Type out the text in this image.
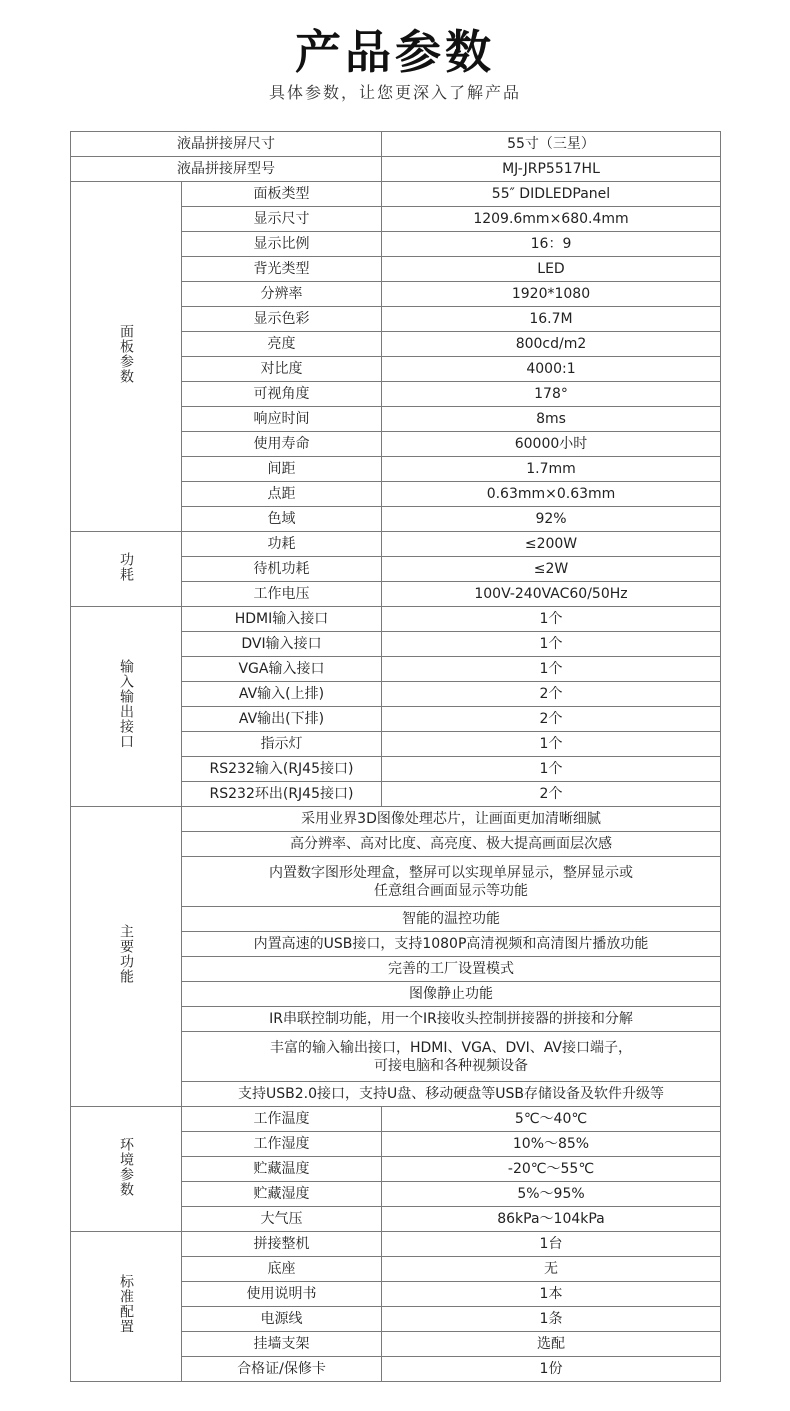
产品参数
具体参数，让您更深入了解产品
液晶拼接屏尺寸		55寸（三星）
液晶拼接屏型号		MJ-JRP5517HL
面板参数	面板类型	55″ DIDLEDPanel
	显示尺寸	1209.6mm×680.4mm
	显示比例	16：9
	背光类型	LED
	分辨率	1920*1080
	显示色彩	16.7M
	亮度	800cd/m2
	对比度	4000:1
	可视角度	178°
	响应时间	8ms
	使用寿命	60000小时
	间距	1.7mm
	点距	0.63mm×0.63mm
	色域	92%
功耗	功耗	≤200W
	待机功耗	≤2W
	工作电压	100V-240VAC60/50Hz
输入输出接口	HDMI输入接口	1个
	DVI输入接口	1个
	VGA输入接口	1个
	AV输入(上排)	2个
	AV输出(下排)	2个
	指示灯	1个
	RS232输入(RJ45接口)	1个
	RS232环出(RJ45接口)	2个
主要功能	采用业界3D图像处理芯片，让画面更加清晰细腻	

	高分辨率、高对比度、高亮度、极大提高画面层次感	

	内置数字图形处理盒，整屏可以实现单屏显示，整屏显示或
任意组合画面显示等功能	

	智能的温控功能	

	内置高速的USB接口，支持1080P高清视频和高清图片播放功能	

	完善的工厂设置模式	

	图像静止功能	

	IR串联控制功能，用一个IR接收头控制拼接器的拼接和分解	

	丰富的输入输出接口，HDMI、VGA、DVI、AV接口端子，
可接电脑和各种视频设备	

	支持USB2.0接口，支持U盘、移动硬盘等USB存储设备及软件升级等	

环境参数	工作温度	5℃～40℃
	工作湿度	10%～85%
	贮藏温度	-20℃～55℃
	贮藏湿度	5%～95%
	大气压	86kPa～104kPa
标准配置	拼接整机	1台
	底座	无
	使用说明书	1本
	电源线	1条
	挂墙支架	选配
	合格证/保修卡	1份
